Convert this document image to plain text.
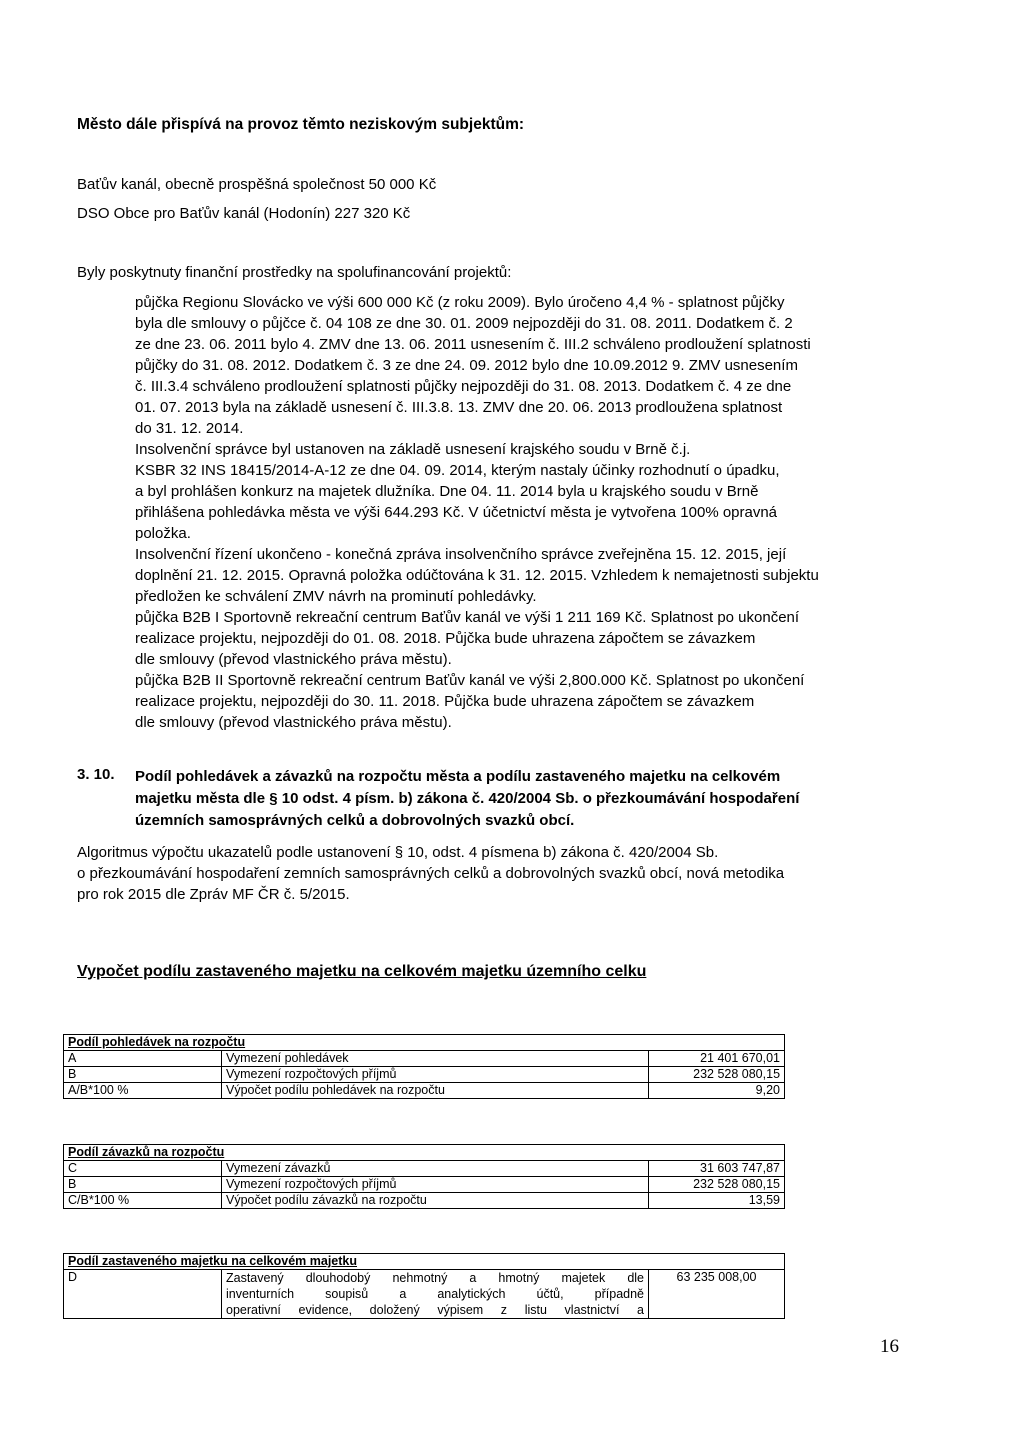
Město dále přispívá na provoz těmto neziskovým subjektům:
Baťův kanál, obecně prospěšná společnost 50 000 Kč
DSO Obce pro Baťův kanál (Hodonín) 227 320 Kč
Byly poskytnuty finanční prostředky na spolufinancování projektů:
půjčka Regionu Slovácko ve výši 600 000 Kč (z roku 2009). Bylo úročeno 4,4 % - splatnost půjčky
byla dle smlouvy o půjčce č. 04 108 ze dne 30. 01. 2009 nejpozději do 31. 08. 2011. Dodatkem č. 2
ze dne 23. 06. 2011 bylo 4. ZMV dne 13. 06. 2011 usnesením č. III.2 schváleno prodloužení splatnosti
půjčky do 31. 08. 2012. Dodatkem č. 3 ze dne 24. 09. 2012 bylo dne 10.09.2012 9. ZMV usnesením
č. III.3.4 schváleno prodloužení splatnosti půjčky nejpozději do 31. 08. 2013. Dodatkem č. 4 ze dne
01. 07. 2013 byla na základě usnesení č. III.3.8. 13. ZMV dne 20. 06. 2013 prodloužena splatnost
do 31. 12. 2014.
Insolvenční správce byl ustanoven na základě usnesení krajského soudu v Brně č.j.
KSBR 32 INS 18415/2014-A-12 ze dne 04. 09. 2014, kterým nastaly účinky rozhodnutí o úpadku,
a byl prohlášen konkurz na majetek dlužníka. Dne 04. 11. 2014 byla u krajského soudu v Brně
přihlášena pohledávka města ve výši 644.293 Kč. V účetnictví města je vytvořena 100% opravná
položka.
Insolvenční řízení ukončeno - konečná zpráva insolvenčního správce zveřejněna 15. 12. 2015, její
doplnění 21. 12. 2015. Opravná položka odúčtována k 31. 12. 2015. Vzhledem k nemajetnosti subjektu
předložen ke schválení ZMV návrh na prominutí pohledávky.
půjčka B2B I Sportovně rekreační centrum Baťův kanál ve výši 1 211 169 Kč. Splatnost po ukončení
realizace projektu, nejpozději do 01. 08. 2018. Půjčka bude uhrazena zápočtem se závazkem
dle smlouvy (převod vlastnického práva městu).
půjčka B2B II Sportovně rekreační centrum Baťův kanál ve výši 2,800.000 Kč. Splatnost po ukončení
realizace projektu, nejpozději do 30. 11. 2018. Půjčka bude uhrazena zápočtem se závazkem
dle smlouvy (převod vlastnického práva městu).
3. 10. Podíl pohledávek a závazků na rozpočtu města a podílu zastaveného majetku na celkovém
majetku města dle § 10 odst. 4 písm. b) zákona č. 420/2004 Sb. o přezkoumávání hospodaření
územních samosprávných celků a dobrovolných svazků obcí.
Algoritmus výpočtu ukazatelů podle ustanovení § 10, odst. 4 písmena b) zákona č. 420/2004 Sb.
o přezkoumávání hospodaření zemních samosprávných celků a dobrovolných svazků obcí, nová metodika
pro rok 2015 dle Zpráv MF ČR č. 5/2015.
Vypočet podílu zastaveného majetku na celkovém majetku územního celku
Podíl pohledávek na rozpočtu		
A	Vymezení pohledávek	21 401 670,01
B	Vymezení rozpočtových příjmů	232 528 080,15
A/B*100 %	Výpočet podílu pohledávek na rozpočtu	9,20
Podíl závazků na rozpočtu		
C	Vymezení závazků	31 603 747,87
B	Vymezení rozpočtových příjmů	232 528 080,15
C/B*100 %	Výpočet podílu závazků na rozpočtu	13,59
Podíl zastaveného majetku na celkovém majetku		
D	Zastavený dlouhodobý nehmotný a hmotný majetek dle
inventurních soupisů a analytických účtů, případně
operativní evidence, doložený výpisem z listu vlastnictví a	63 235 008,00
16
